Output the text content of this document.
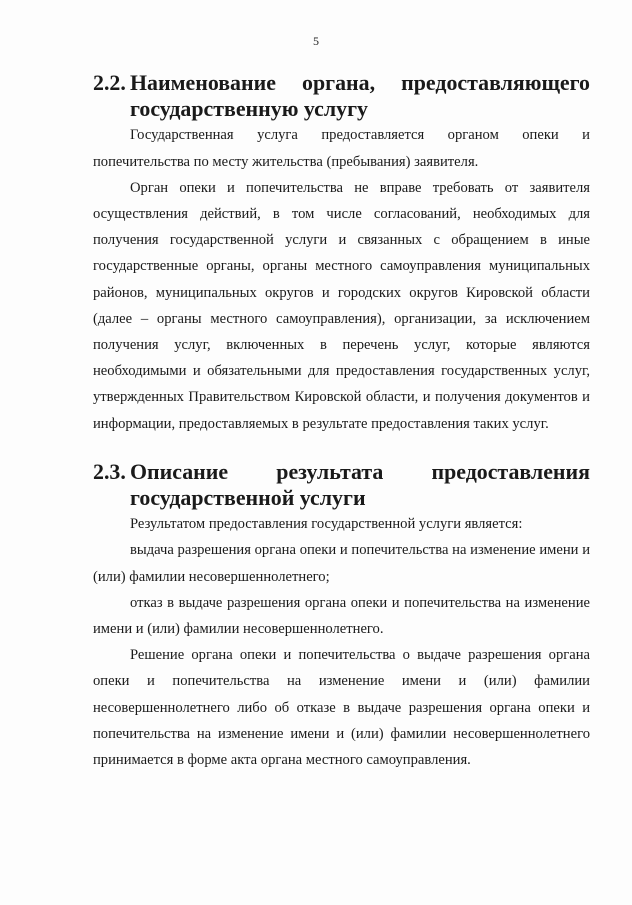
5
2.2. Наименование органа, предоставляющего государственную услугу

Государственная услуга предоставляется органом опеки и попечительства по месту жительства (пребывания) заявителя.

Орган опеки и попечительства не вправе требовать от заявителя осуществления действий, в том числе согласований, необходимых для получения государственной услуги и связанных с обращением в иные государственные органы, органы местного самоуправления муниципальных районов, муниципальных округов и городских округов Кировской области (далее – органы местного самоуправления), организации, за исключением получения услуг, включенных в перечень услуг, которые являются необходимыми и обязательными для предоставления государственных услуг, утвержденных Правительством Кировской области, и получения документов и информации, предоставляемых в результате предоставления таких услуг.

2.3. Описание результата предоставления государственной услуги

Результатом предоставления государственной услуги является:

выдача разрешения органа опеки и попечительства на изменение имени и (или) фамилии несовершеннолетнего;

отказ в выдаче разрешения органа опеки и попечительства на изменение имени и (или) фамилии несовершеннолетнего.

Решение органа опеки и попечительства о выдаче разрешения органа опеки и попечительства на изменение имени и (или) фамилии несовершеннолетнего либо об отказе в выдаче разрешения органа опеки и попечительства на изменение имени и (или) фамилии несовершеннолетнего принимается в форме акта органа местного самоуправления.
